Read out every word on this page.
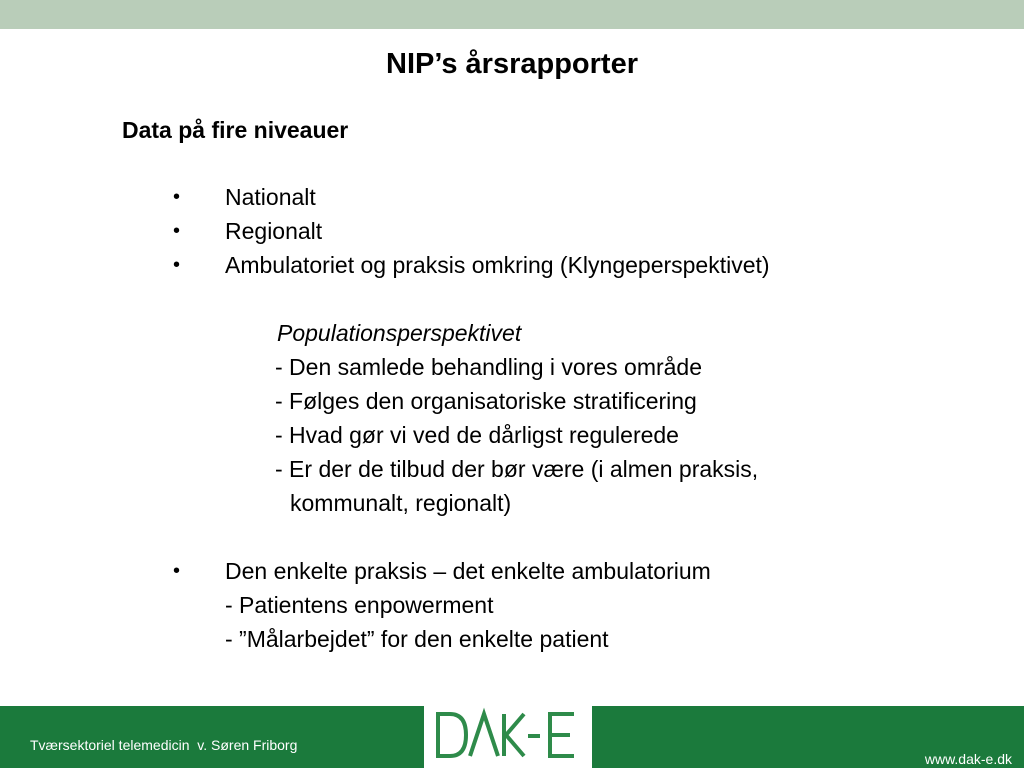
NIP’s årsrapporter
Data på fire niveauer
• Nationalt
• Regionalt
• Ambulatoriet og praksis omkring (Klyngeperspektivet)
Populationsperspektivet
- Den samlede behandling i vores område
- Følges den organisatoriske stratificering
- Hvad gør vi ved de dårligst regulerede
- Er der de tilbud der bør være (i almen praksis,
kommunalt, regionalt)
• Den enkelte praksis – det enkelte ambulatorium
- Patientens enpowerment
- ”Målarbejdet” for den enkelte patient
Tværsektoriel telemedicin  v. Søren Friborg
www.dak-e.dk
